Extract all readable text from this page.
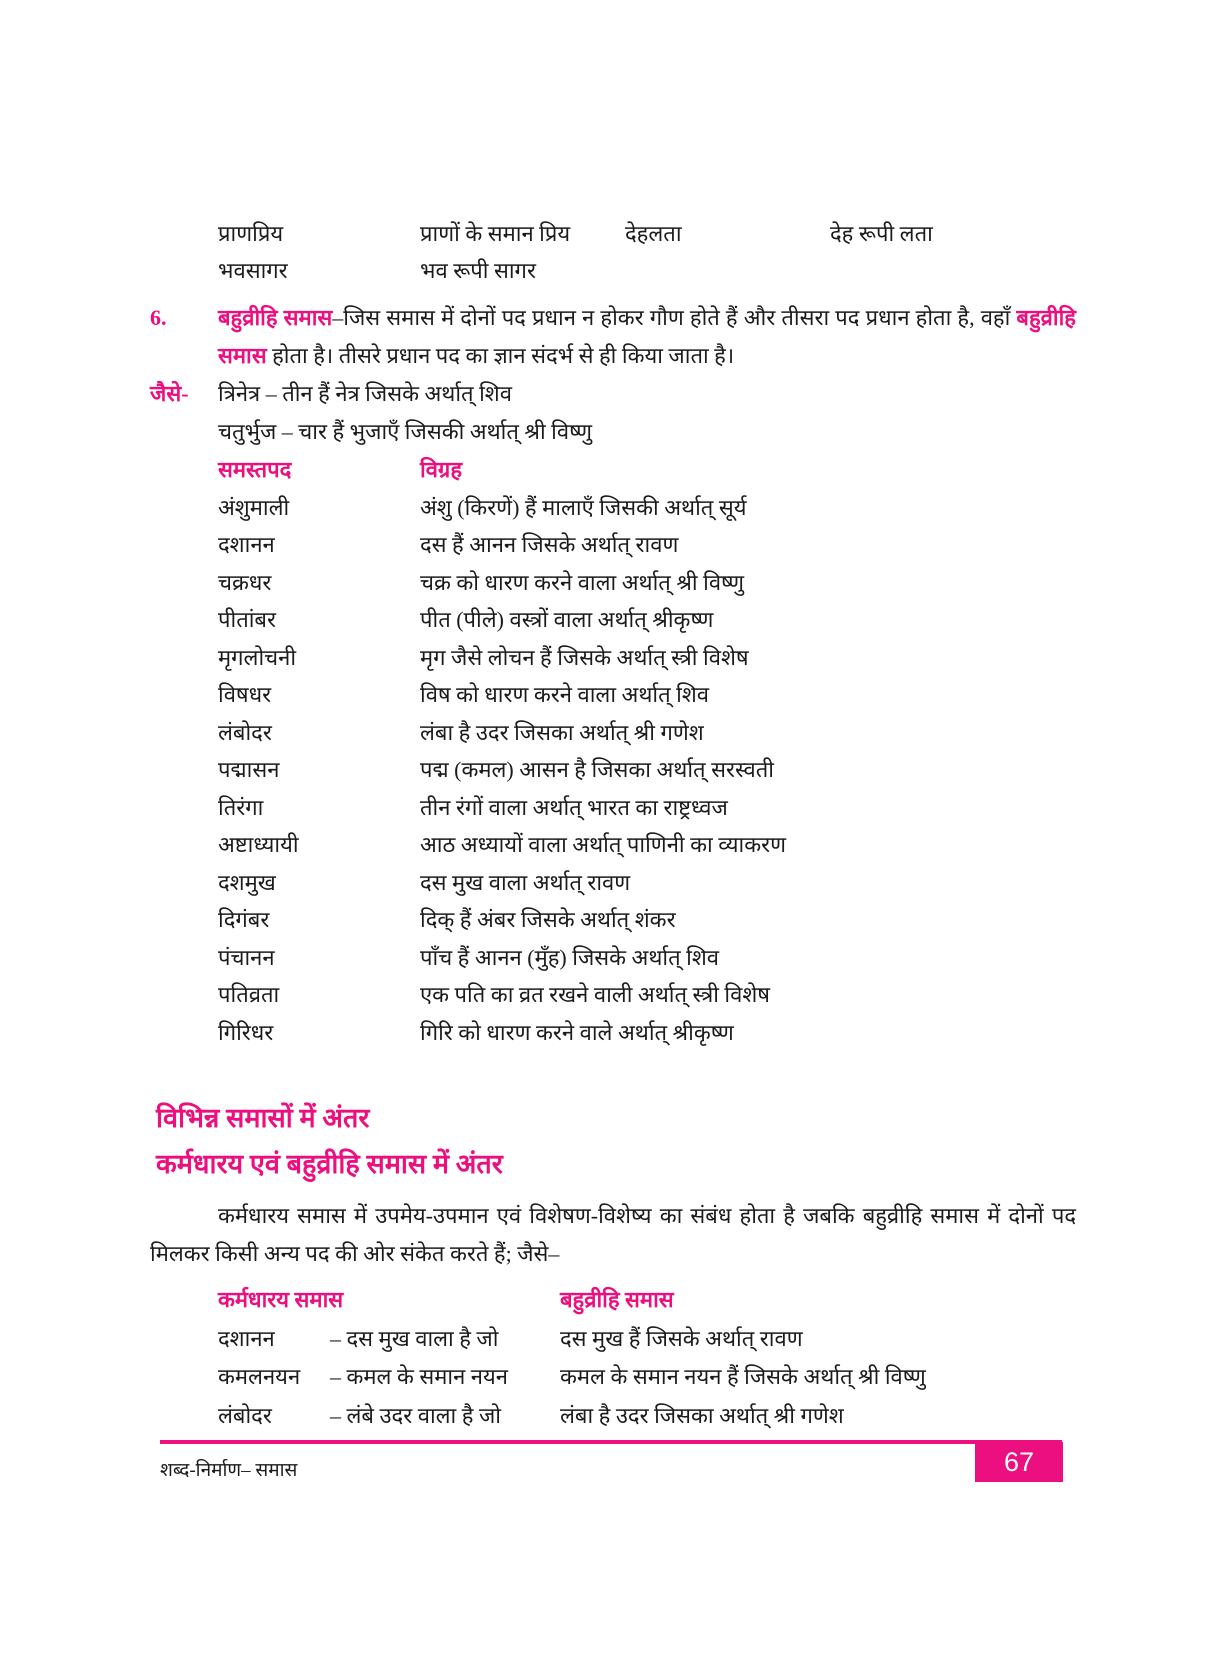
प्राणप्रिय	प्राणों के समान प्रिय	देहलता	देह रूपी लता
भवसागर	भव रूपी सागर
6.	बहुव्रीहि समास–जिस समास में दोनों पद प्रधान न होकर गौण होते हैं और तीसरा पद प्रधान होता है, वहाँ बहुव्रीहि समास होता है। तीसरे प्रधान पद का ज्ञान संदर्भ से ही किया जाता है।

जैसे-	त्रिनेत्र – तीन हैं नेत्र जिसके अर्थात् शिव
चतुर्भुज – चार हैं भुजाएँ जिसकी अर्थात् श्री विष्णु
समस्तपद	विग्रह
अंशुमाली	अंशु (किरणें) हैं मालाएँ जिसकी अर्थात् सूर्य
दशानन	दस हैं आनन जिसके अर्थात् रावण
चक्रधर	चक्र को धारण करने वाला अर्थात् श्री विष्णु
पीतांबर	पीत (पीले) वस्त्रों वाला अर्थात् श्रीकृष्ण
मृगलोचनी	मृग जैसे लोचन हैं जिसके अर्थात् स्त्री विशेष
विषधर	विष को धारण करने वाला अर्थात् शिव
लंबोदर	लंबा है उदर जिसका अर्थात् श्री गणेश
पद्मासन	पद्म (कमल) आसन है जिसका अर्थात् सरस्वती
तिरंगा	तीन रंगों वाला अर्थात् भारत का राष्ट्रध्वज
अष्टाध्यायी	आठ अध्यायों वाला अर्थात् पाणिनी का व्याकरण
दशमुख	दस मुख वाला अर्थात् रावण
दिगंबर	दिक् हैं अंबर जिसके अर्थात् शंकर
पंचानन	पाँच हैं आनन (मुँह) जिसके अर्थात् शिव
पतिव्रता	एक पति का व्रत रखने वाली अर्थात् स्त्री विशेष
गिरिधर	गिरि को धारण करने वाले अर्थात् श्रीकृष्ण
विभिन्न समासों में अंतर
कर्मधारय एवं बहुव्रीहि समास में अंतर

कर्मधारय समास में उपमेय-उपमान एवं विशेषण-विशेष्य का संबंध होता है जबकि बहुव्रीहि समास में दोनों पद मिलकर किसी अन्य पद की ओर संकेत करते हैं; जैसे–

कर्मधारय समास	बहुव्रीहि समास
दशानन	– दस मुख वाला है जो	दस मुख हैं जिसके अर्थात् रावण
कमलनयन	– कमल के समान नयन	कमल के समान नयन हैं जिसके अर्थात् श्री विष्णु
लंबोदर	– लंबे उदर वाला है जो	लंबा है उदर जिसका अर्थात् श्री गणेश
67
शब्द-निर्माण– समास
